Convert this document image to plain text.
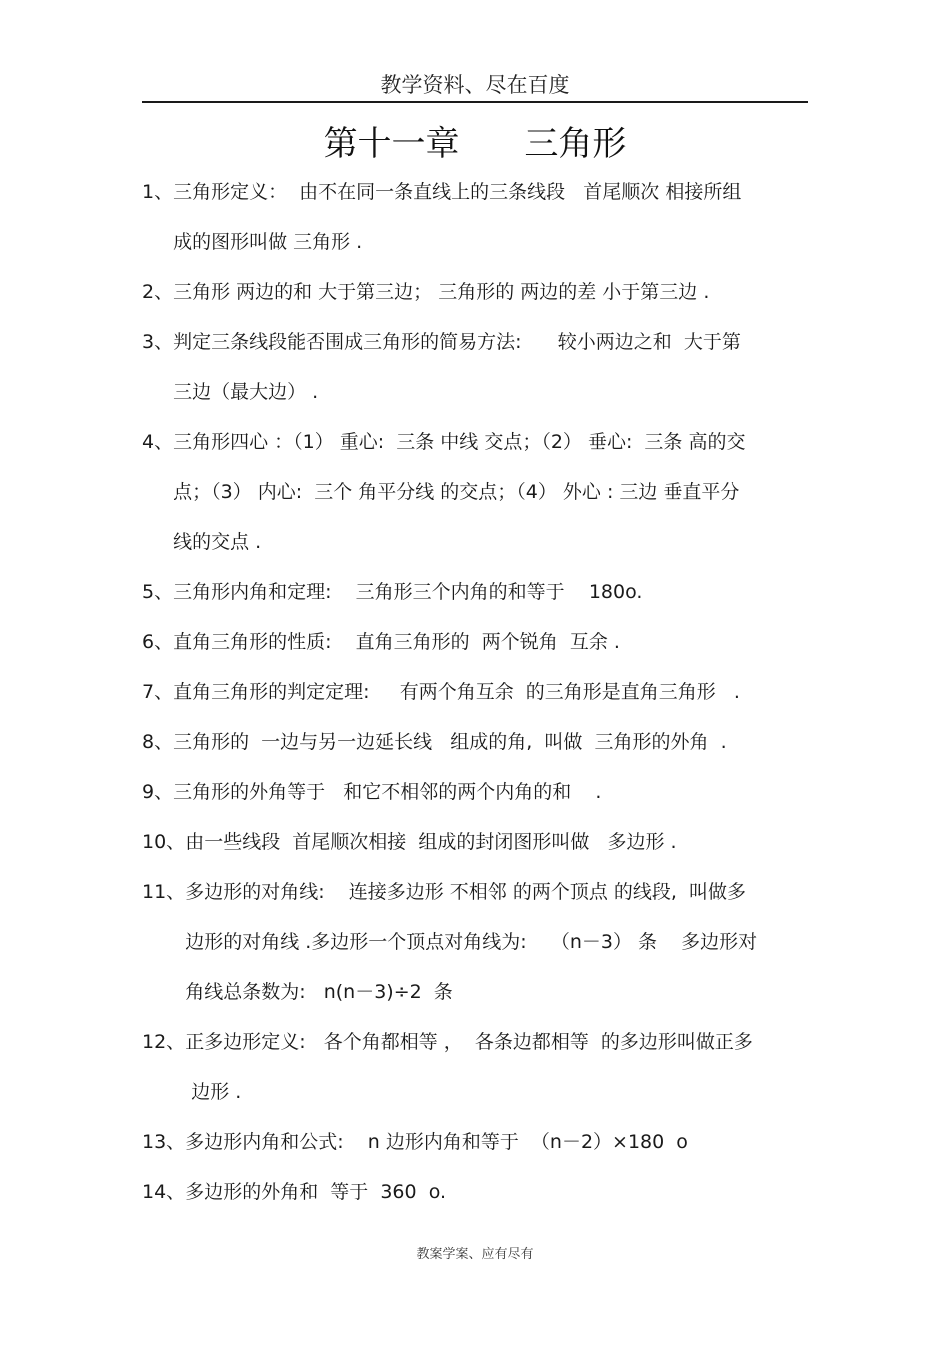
教学资料、尽在百度
第十一章      三角形
1、 三角形定义：  由不在同一条直线上的三条线段   首尾顺次 相接所组
成的图形叫做 三角形 .
2、 三角形 两边的和 大于第三边； 三角形的 两边的差 小于第三边 .
3、 判定三条线段能否围成三角形的简易方法:      较小两边之和  大于第
三边（最大边） .
4、 三角形四心 ：（1） 重心:  三条 中线 交点；（2） 垂心:  三条 高的交
点；（3） 内心:  三个 角平分线 的交点；（4） 外心 : 三边 垂直平分
线的交点 .
5、 三角形内角和定理:    三角形三个内角的和等于    180o.
6、 直角三角形的性质:    直角三角形的  两个锐角  互余 .
7、 直角三角形的判定定理:     有两个角互余  的三角形是直角三角形   .
8、 三角形的  一边与另一边延长线   组成的角,  叫做  三角形的外角  .
9、 三角形的外角等于   和它不相邻的两个内角的和    .
10、 由一些线段  首尾顺次相接  组成的封闭图形叫做   多边形 .
11、 多边形的对角线:    连接多边形 不相邻 的两个顶点 的线段,  叫做多
边形的对角线 .多边形一个顶点对角线为:    （n－3） 条    多边形对
角线总条数为:   n(n－3)÷2  条
12、 正多边形定义:   各个角都相等 ，  各条边都相等  的多边形叫做正多
边形 .
13、 多边形内角和公式:    n 边形内角和等于  （n－2）×180  o
14、 多边形的外角和  等于  360  o.
教案学案、应有尽有
